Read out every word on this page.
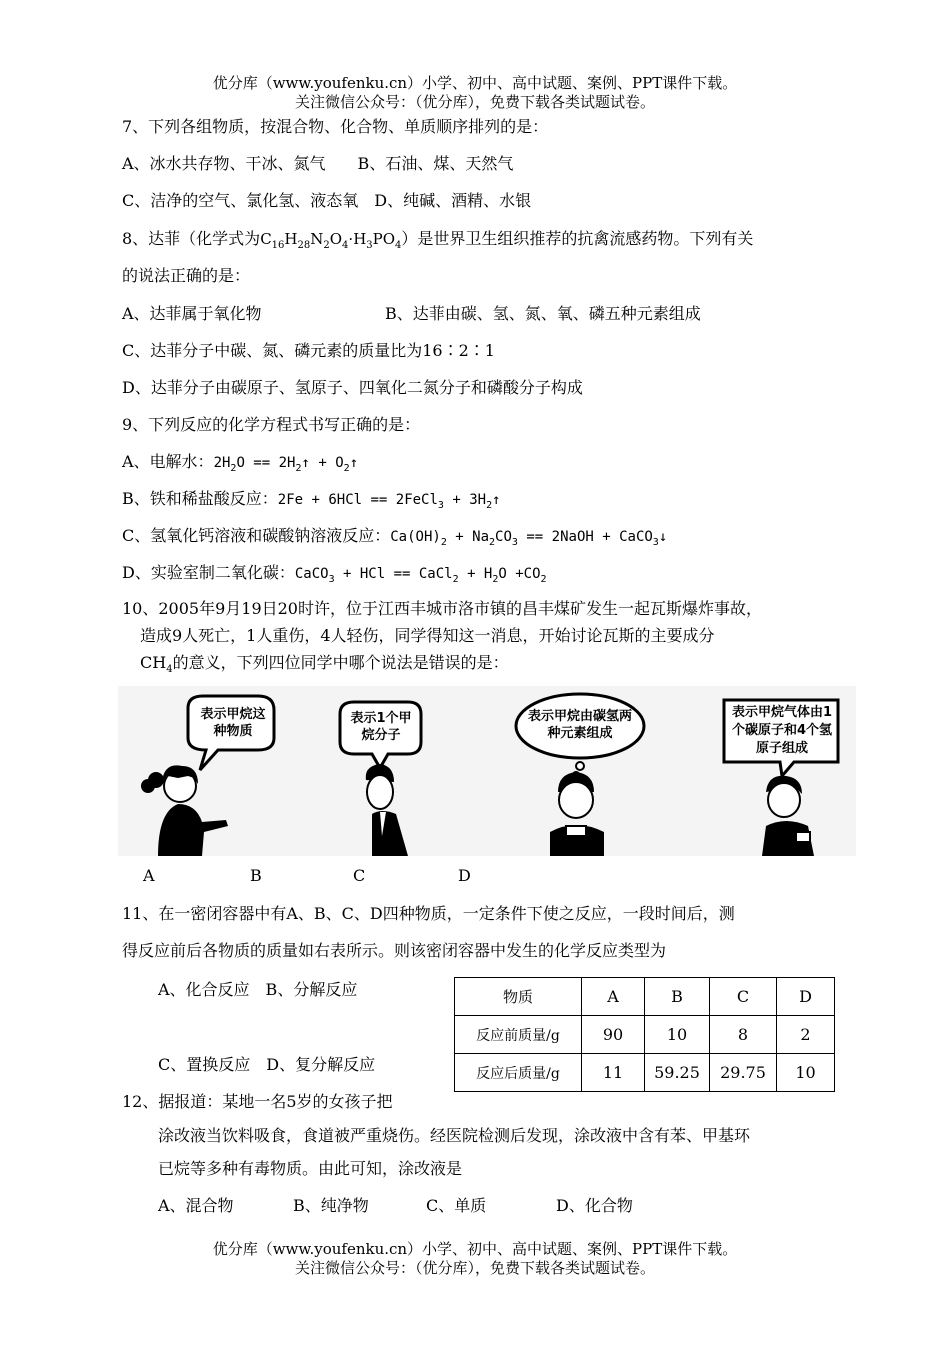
优分库（www.youfenku.cn）小学、初中、高中试题、案例、PPT课件下载。
关注微信公众号：（优分库），免费下载各类试题试卷。
7、下列各组物质，按混合物、化合物、单质顺序排列的是：
A、冰水共存物、干冰、氮气　　B、石油、煤、天然气
C、洁净的空气、氯化氢、液态氧　D、纯碱、酒精、水银
8、达菲（化学式为$C_{16}H_{28}N_2O_4\cdot H_3PO_4$）是世界卫生组织推荐的抗禽流感药物。下列有关
的说法正确的是：
A、达菲属于氧化物	B、达菲由碳、氢、氮、氧、磷五种元素组成
C、达菲分子中碳、氮、磷元素的质量比为16∶2∶1
D、达菲分子由碳原子、氢原子、四氧化二氮分子和磷酸分子构成
9、下列反应的化学方程式书写正确的是：
A、电解水：$2H_2O$ == $2H_2↑$ + $O_2↑$
B、铁和稀盐酸反应：2Fe + 6HCl == 2FeCl$_3$ + $3H_2↑$
C、氢氧化钙溶液和碳酸钠溶液反应：$Ca(OH)_2 + Na_2CO_3$ == 2NaOH + CaCO$_3$↓
D、实验室制二氧化碳：CaCO$_3$ + HCl == CaCl$_2$ + $H_2O +CO_2$
10、2005年9月19日20时许，位于江西丰城市洛市镇的昌丰煤矿发生一起瓦斯爆炸事故，
造成9人死亡，1人重伤，4人轻伤，同学得知这一消息，开始讨论瓦斯的主要成分
$CH_4$的意义，下列四位同学中哪个说法是错误的是：
表示甲烷这种物质
表示1个甲烷分子
表示甲烷由碳氢两种元素组成
表示甲烷气体由1个碳原子和4个氢原子组成
A	B	C	D
11、在一密闭容器中有A、B、C、D四种物质，一定条件下使之反应，一段时间后，测
得反应前后各物质的质量如右表所示。则该密闭容器中发生的化学反应类型为
A、化合反应　B、分解反应
C、置换反应　D、复分解反应
物质	A	B	C	D
反应前质量/g	90	10	8	2
反应后质量/g	11	59.25	29.75	10
12、据报道：某地一名5岁的女孩子把
涂改液当饮料吸食，食道被严重烧伤。经医院检测后发现，涂改液中含有苯、甲基环
已烷等多种有毒物质。由此可知，涂改液是
A、混合物	B、纯净物	C、单质	D、化合物
优分库（www.youfenku.cn）小学、初中、高中试题、案例、PPT课件下载。
关注微信公众号：（优分库），免费下载各类试题试卷。
